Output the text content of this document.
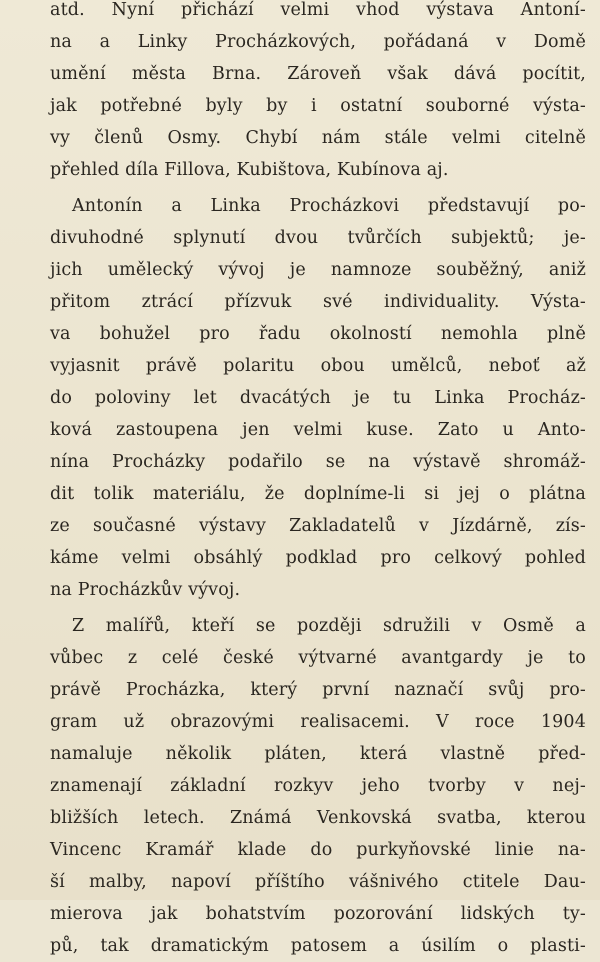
atd. Nyní přichází velmi vhod výstava Antoní-
na a Linky Procházkových, pořádaná v Domě
umění města Brna. Zároveň však dává pocítit,
jak potřebné byly by i ostatní souborné výsta-
vy členů Osmy. Chybí nám stále velmi citelně
přehled díla Fillova, Kubištova, Kubínova aj.
Antonín a Linka Procházkovi představují po-
divuhodné splynutí dvou tvůrčích subjektů; je-
jich umělecký vývoj je namnoze souběžný, aniž
přitom ztrácí přízvuk své individuality. Výsta-
va bohužel pro řadu okolností nemohla plně
vyjasnit právě polaritu obou umělců, neboť až
do poloviny let dvacátých je tu Linka Procház-
ková zastoupena jen velmi kuse. Zato u Anto-
nína Procházky podařilo se na výstavě shromáž-
dit tolik materiálu, že doplníme-li si jej o plátna
ze současné výstavy Zakladatelů v Jízdárně, zís-
káme velmi obsáhlý podklad pro celkový pohled
na Procházkův vývoj.
Z malířů, kteří se později sdružili v Osmě a
vůbec z celé české výtvarné avantgardy je to
právě Procházka, který první naznačí svůj pro-
gram už obrazovými realisacemi. V roce 1904
namaluje několik pláten, která vlastně před-
znamenají základní rozkyv jeho tvorby v nej-
bližších letech. Známá Venkovská svatba, kterou
Vincenc Kramář klade do purkyňovské linie na-
ší malby, napoví příštího vášnivého ctitele Dau-
mierova jak bohatstvím pozorování lidských ty-
pů, tak dramatickým patosem a úsilím o plasti-
